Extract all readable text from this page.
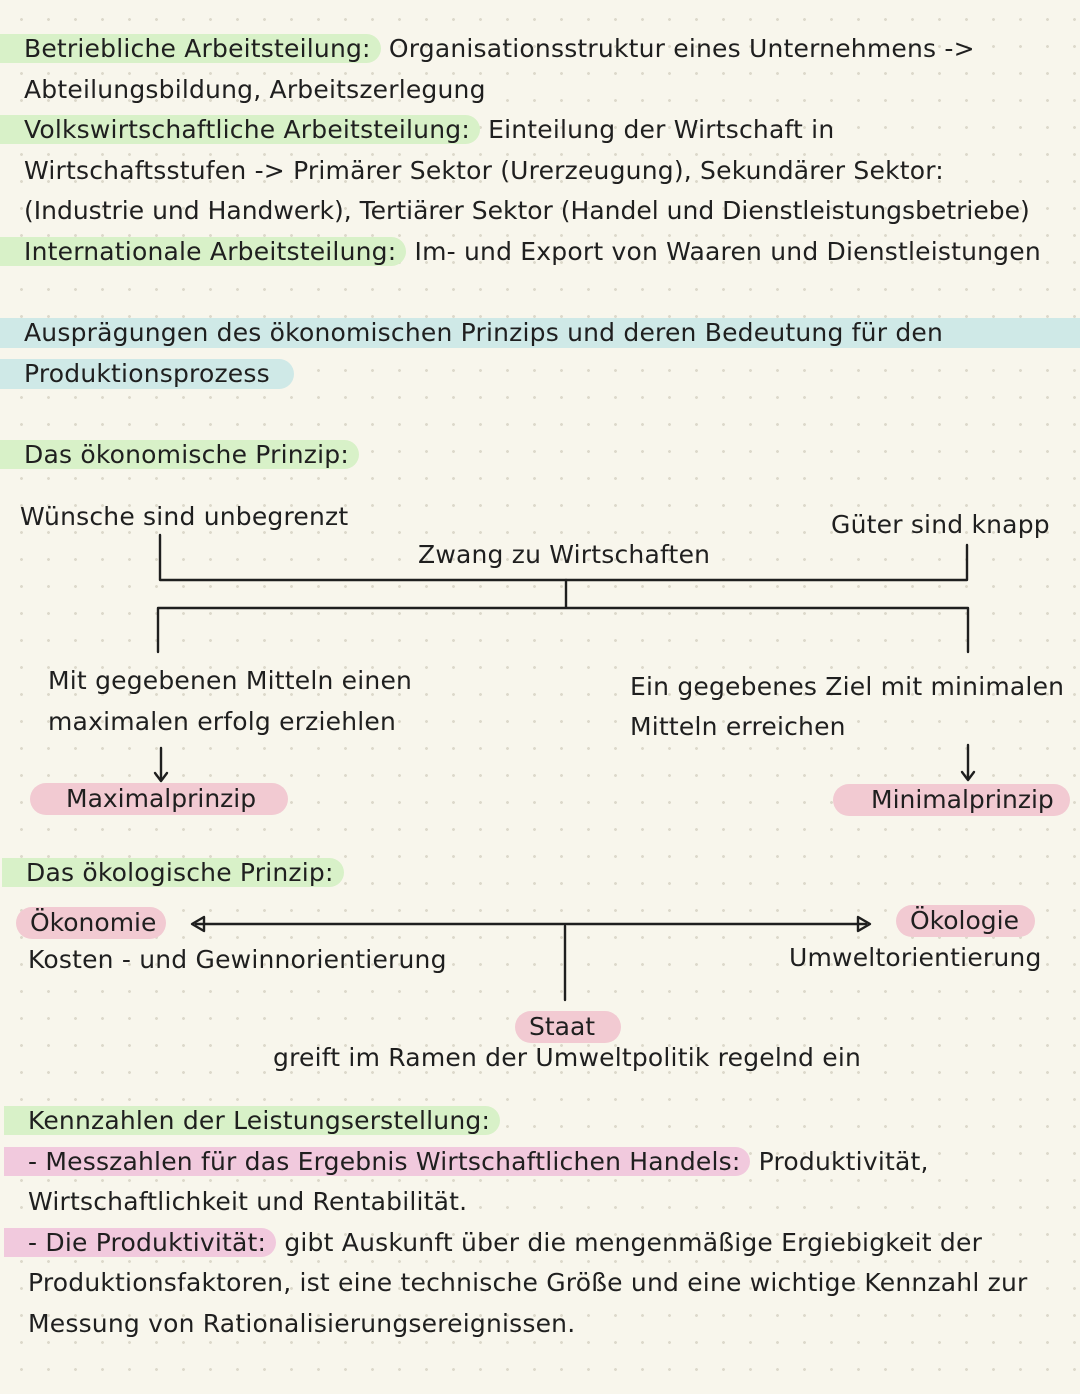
Betriebliche Arbeitsteilung: Organisationsstruktur eines Unternehmens ->
Abteilungsbildung, Arbeitszerlegung
Volkswirtschaftliche Arbeitsteilung: Einteilung der Wirtschaft in
Wirtschaftsstufen -> Primärer Sektor (Urerzeugung), Sekundärer Sektor:
(Industrie und Handwerk), Tertiärer Sektor (Handel und Dienstleistungsbetriebe)
Internationale Arbeitsteilung: Im- und Export von Waaren und Dienstleistungen
Ausprägungen des ökonomischen Prinzips und deren Bedeutung für den
Produktionsprozess
Das ökonomische Prinzip:
Wünsche sind unbegrenzt	Güter sind knapp
Zwang zu Wirtschaften
Mit gegebenen Mitteln einen
maximalen erfolg erziehlen
Ein gegebenes Ziel mit minimalen
Mitteln erreichen
Maximalprinzip	Minimalprinzip
Das ökologische Prinzip:
Ökonomie
Kosten - und Gewinnorientierung
Ökologie
Umweltorientierung
Staat
greift im Ramen der Umweltpolitik regelnd ein
Kennzahlen der Leistungserstellung:
- Messzahlen für das Ergebnis Wirtschaftlichen Handels: Produktivität,
Wirtschaftlichkeit und Rentabilität.
- Die Produktivität: gibt Auskunft über die mengenmäßige Ergiebigkeit der
Produktionsfaktoren, ist eine technische Größe und eine wichtige Kennzahl zur
Messung von Rationalisierungsereignissen.
